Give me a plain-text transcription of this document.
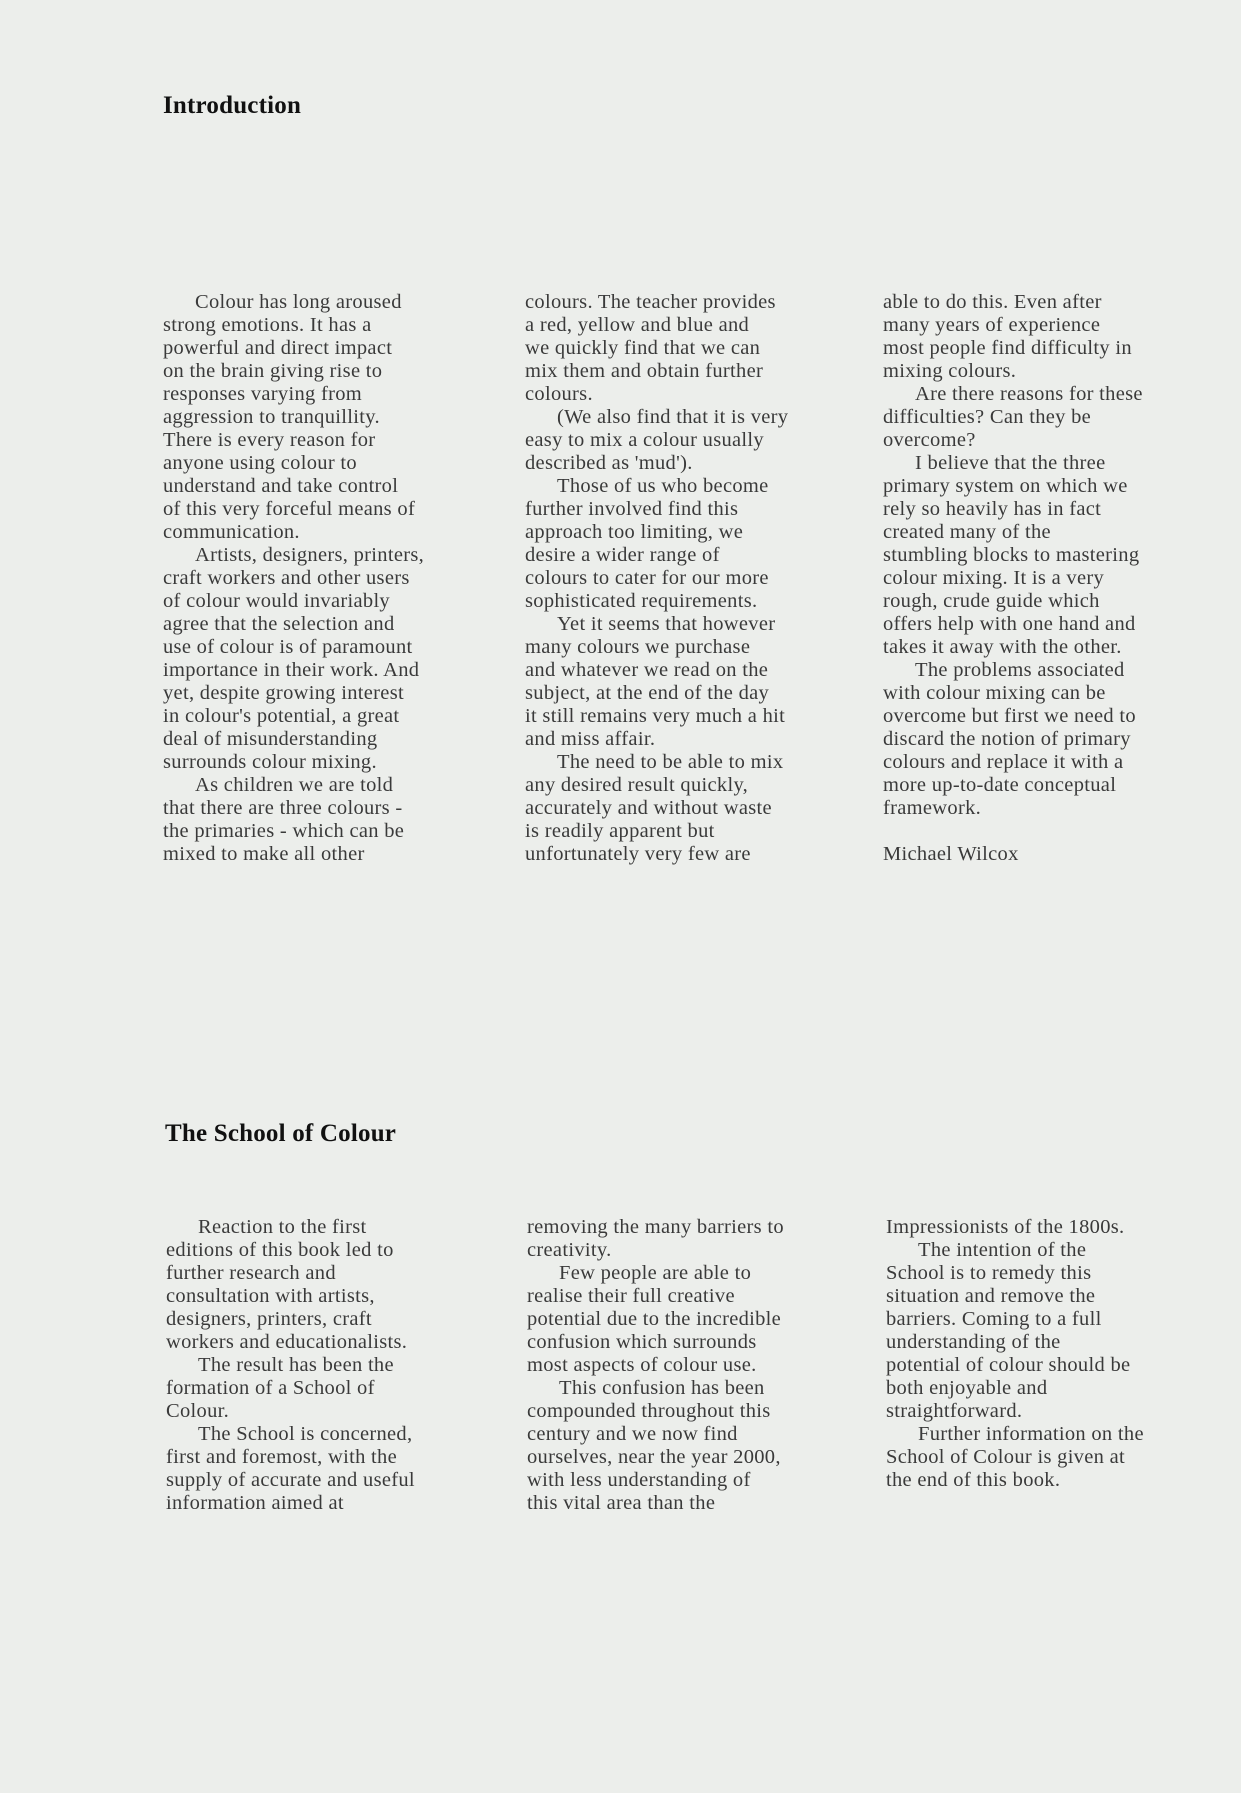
Introduction
Colour has long aroused
strong emotions. It has a
powerful and direct impact
on the brain giving rise to
responses varying from
aggression to tranquillity.
There is every reason for
anyone using colour to
understand and take control
of this very forceful means of
communication.
Artists, designers, printers,
craft workers and other users
of colour would invariably
agree that the selection and
use of colour is of paramount
importance in their work. And
yet, despite growing interest
in colour's potential, a great
deal of misunderstanding
surrounds colour mixing.
As children we are told
that there are three colours -
the primaries - which can be
mixed to make all other
colours. The teacher provides
a red, yellow and blue and
we quickly find that we can
mix them and obtain further
colours.
(We also find that it is very
easy to mix a colour usually
described as 'mud').
Those of us who become
further involved find this
approach too limiting, we
desire a wider range of
colours to cater for our more
sophisticated requirements.
Yet it seems that however
many colours we purchase
and whatever we read on the
subject, at the end of the day
it still remains very much a hit
and miss affair.
The need to be able to mix
any desired result quickly,
accurately and without waste
is readily apparent but
unfortunately very few are
able to do this. Even after
many years of experience
most people find difficulty in
mixing colours.
Are there reasons for these
difficulties? Can they be
overcome?
I believe that the three
primary system on which we
rely so heavily has in fact
created many of the
stumbling blocks to mastering
colour mixing. It is a very
rough, crude guide which
offers help with one hand and
takes it away with the other.
The problems associated
with colour mixing can be
overcome but first we need to
discard the notion of primary
colours and replace it with a
more up-to-date conceptual
framework.
Michael Wilcox
The School of Colour
Reaction to the first
editions of this book led to
further research and
consultation with artists,
designers, printers, craft
workers and educationalists.
The result has been the
formation of a School of
Colour.
The School is concerned,
first and foremost, with the
supply of accurate and useful
information aimed at
removing the many barriers to
creativity.
Few people are able to
realise their full creative
potential due to the incredible
confusion which surrounds
most aspects of colour use.
This confusion has been
compounded throughout this
century and we now find
ourselves, near the year 2000,
with less understanding of
this vital area than the
Impressionists of the 1800s.
The intention of the
School is to remedy this
situation and remove the
barriers. Coming to a full
understanding of the
potential of colour should be
both enjoyable and
straightforward.
Further information on the
School of Colour is given at
the end of this book.
